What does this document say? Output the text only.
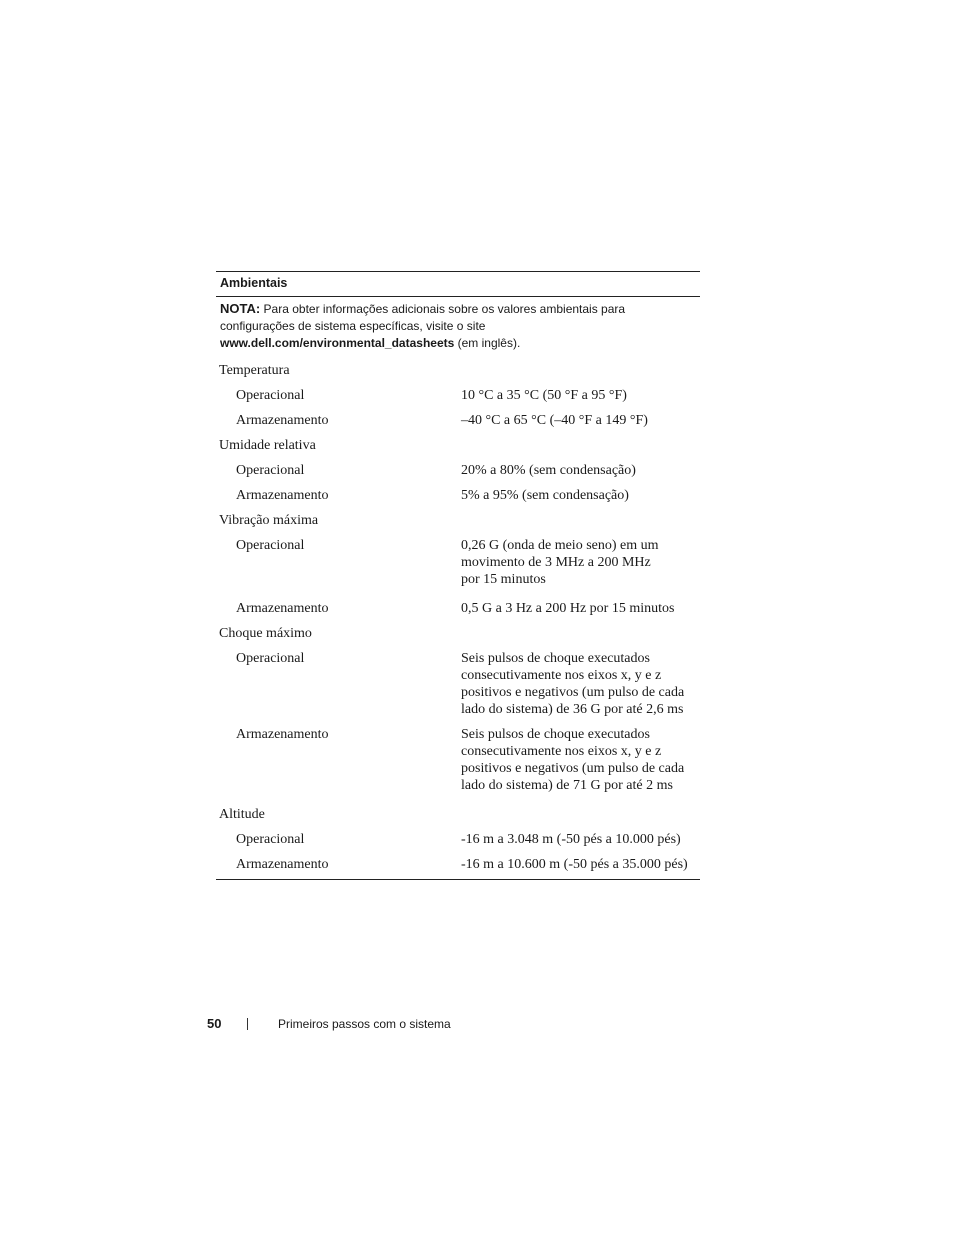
Ambientais
NOTA: Para obter informações adicionais sobre os valores ambientais para configurações de sistema específicas, visite o site www.dell.com/environmental_datasheets (em inglês).
Temperatura
Operacional	10 °C a 35 °C (50 °F a 95 °F)
Armazenamento	–40 °C a 65 °C (–40 °F a 149 °F)
Umidade relativa
Operacional	20% a 80% (sem condensação)
Armazenamento	5% a 95% (sem condensação)
Vibração máxima
Operacional	0,26 G (onda de meio seno) em um movimento de 3 MHz a 200 MHz por 15 minutos
Armazenamento	0,5 G a 3 Hz a 200 Hz por 15 minutos
Choque máximo
Operacional	Seis pulsos de choque executados consecutivamente nos eixos x, y e z positivos e negativos (um pulso de cada lado do sistema) de 36 G por até 2,6 ms
Armazenamento	Seis pulsos de choque executados consecutivamente nos eixos x, y e z positivos e negativos (um pulso de cada lado do sistema) de 71 G por até 2 ms
Altitude
Operacional	-16 m a 3.048 m (-50 pés a 10.000 pés)
Armazenamento	-16 m a 10.600 m (-50 pés a 35.000 pés)
50	Primeiros passos com o sistema
